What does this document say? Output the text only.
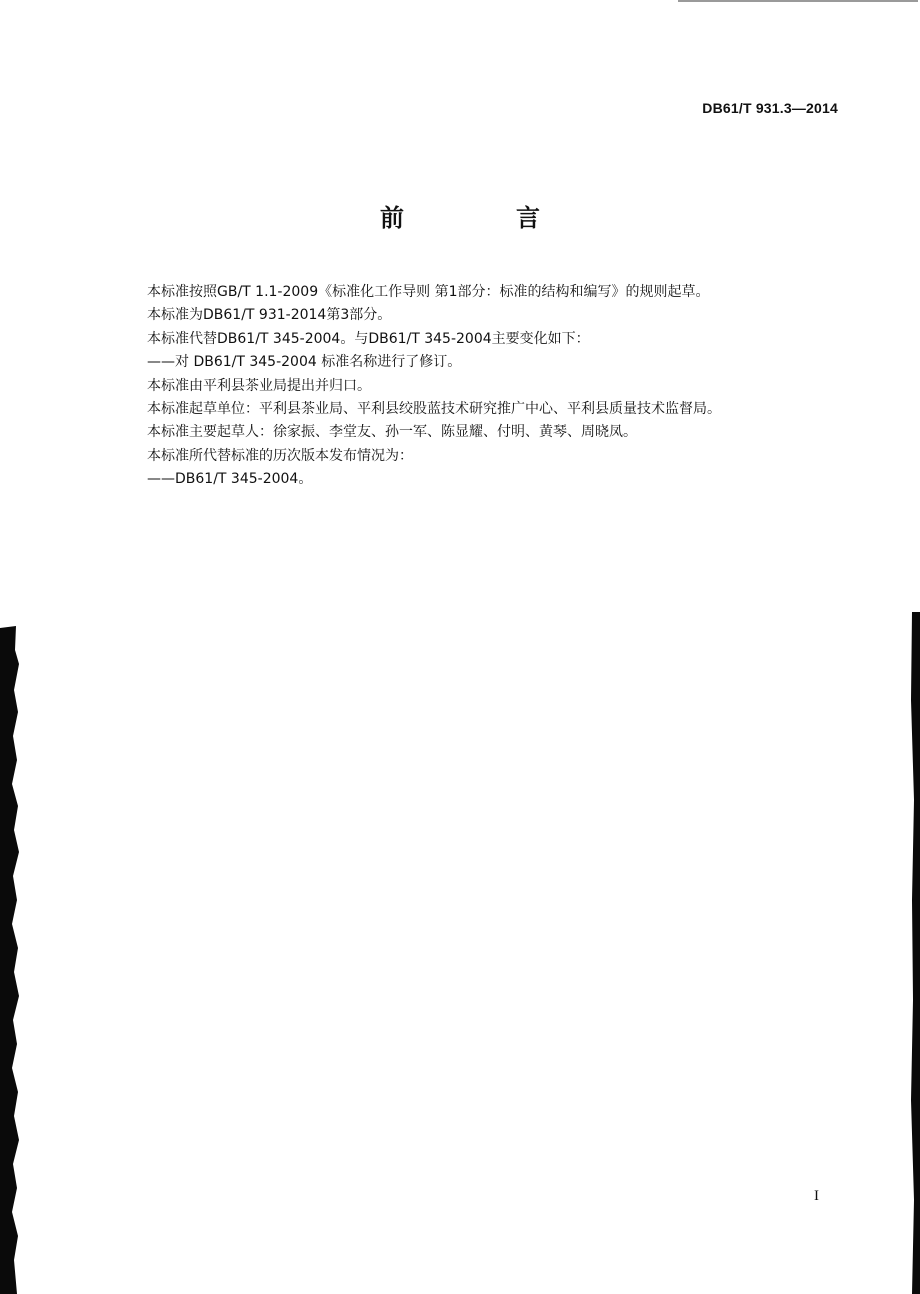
DB61/T 931.3—2014
前　言

本标准按照GB/T 1.1-2009《标准化工作导则 第1部分：标准的结构和编写》的规则起草。

本标准为DB61/T 931-2014第3部分。

本标准代替DB61/T 345-2004。与DB61/T 345-2004主要变化如下：

——对 DB61/T 345-2004 标准名称进行了修订。

本标准由平利县茶业局提出并归口。

本标准起草单位：平利县茶业局、平利县绞股蓝技术研究推广中心、平利县质量技术监督局。

本标准主要起草人：徐家振、李堂友、孙一军、陈显耀、付明、黄琴、周晓凤。

本标准所代替标准的历次版本发布情况为：

——DB61/T 345-2004。

I
